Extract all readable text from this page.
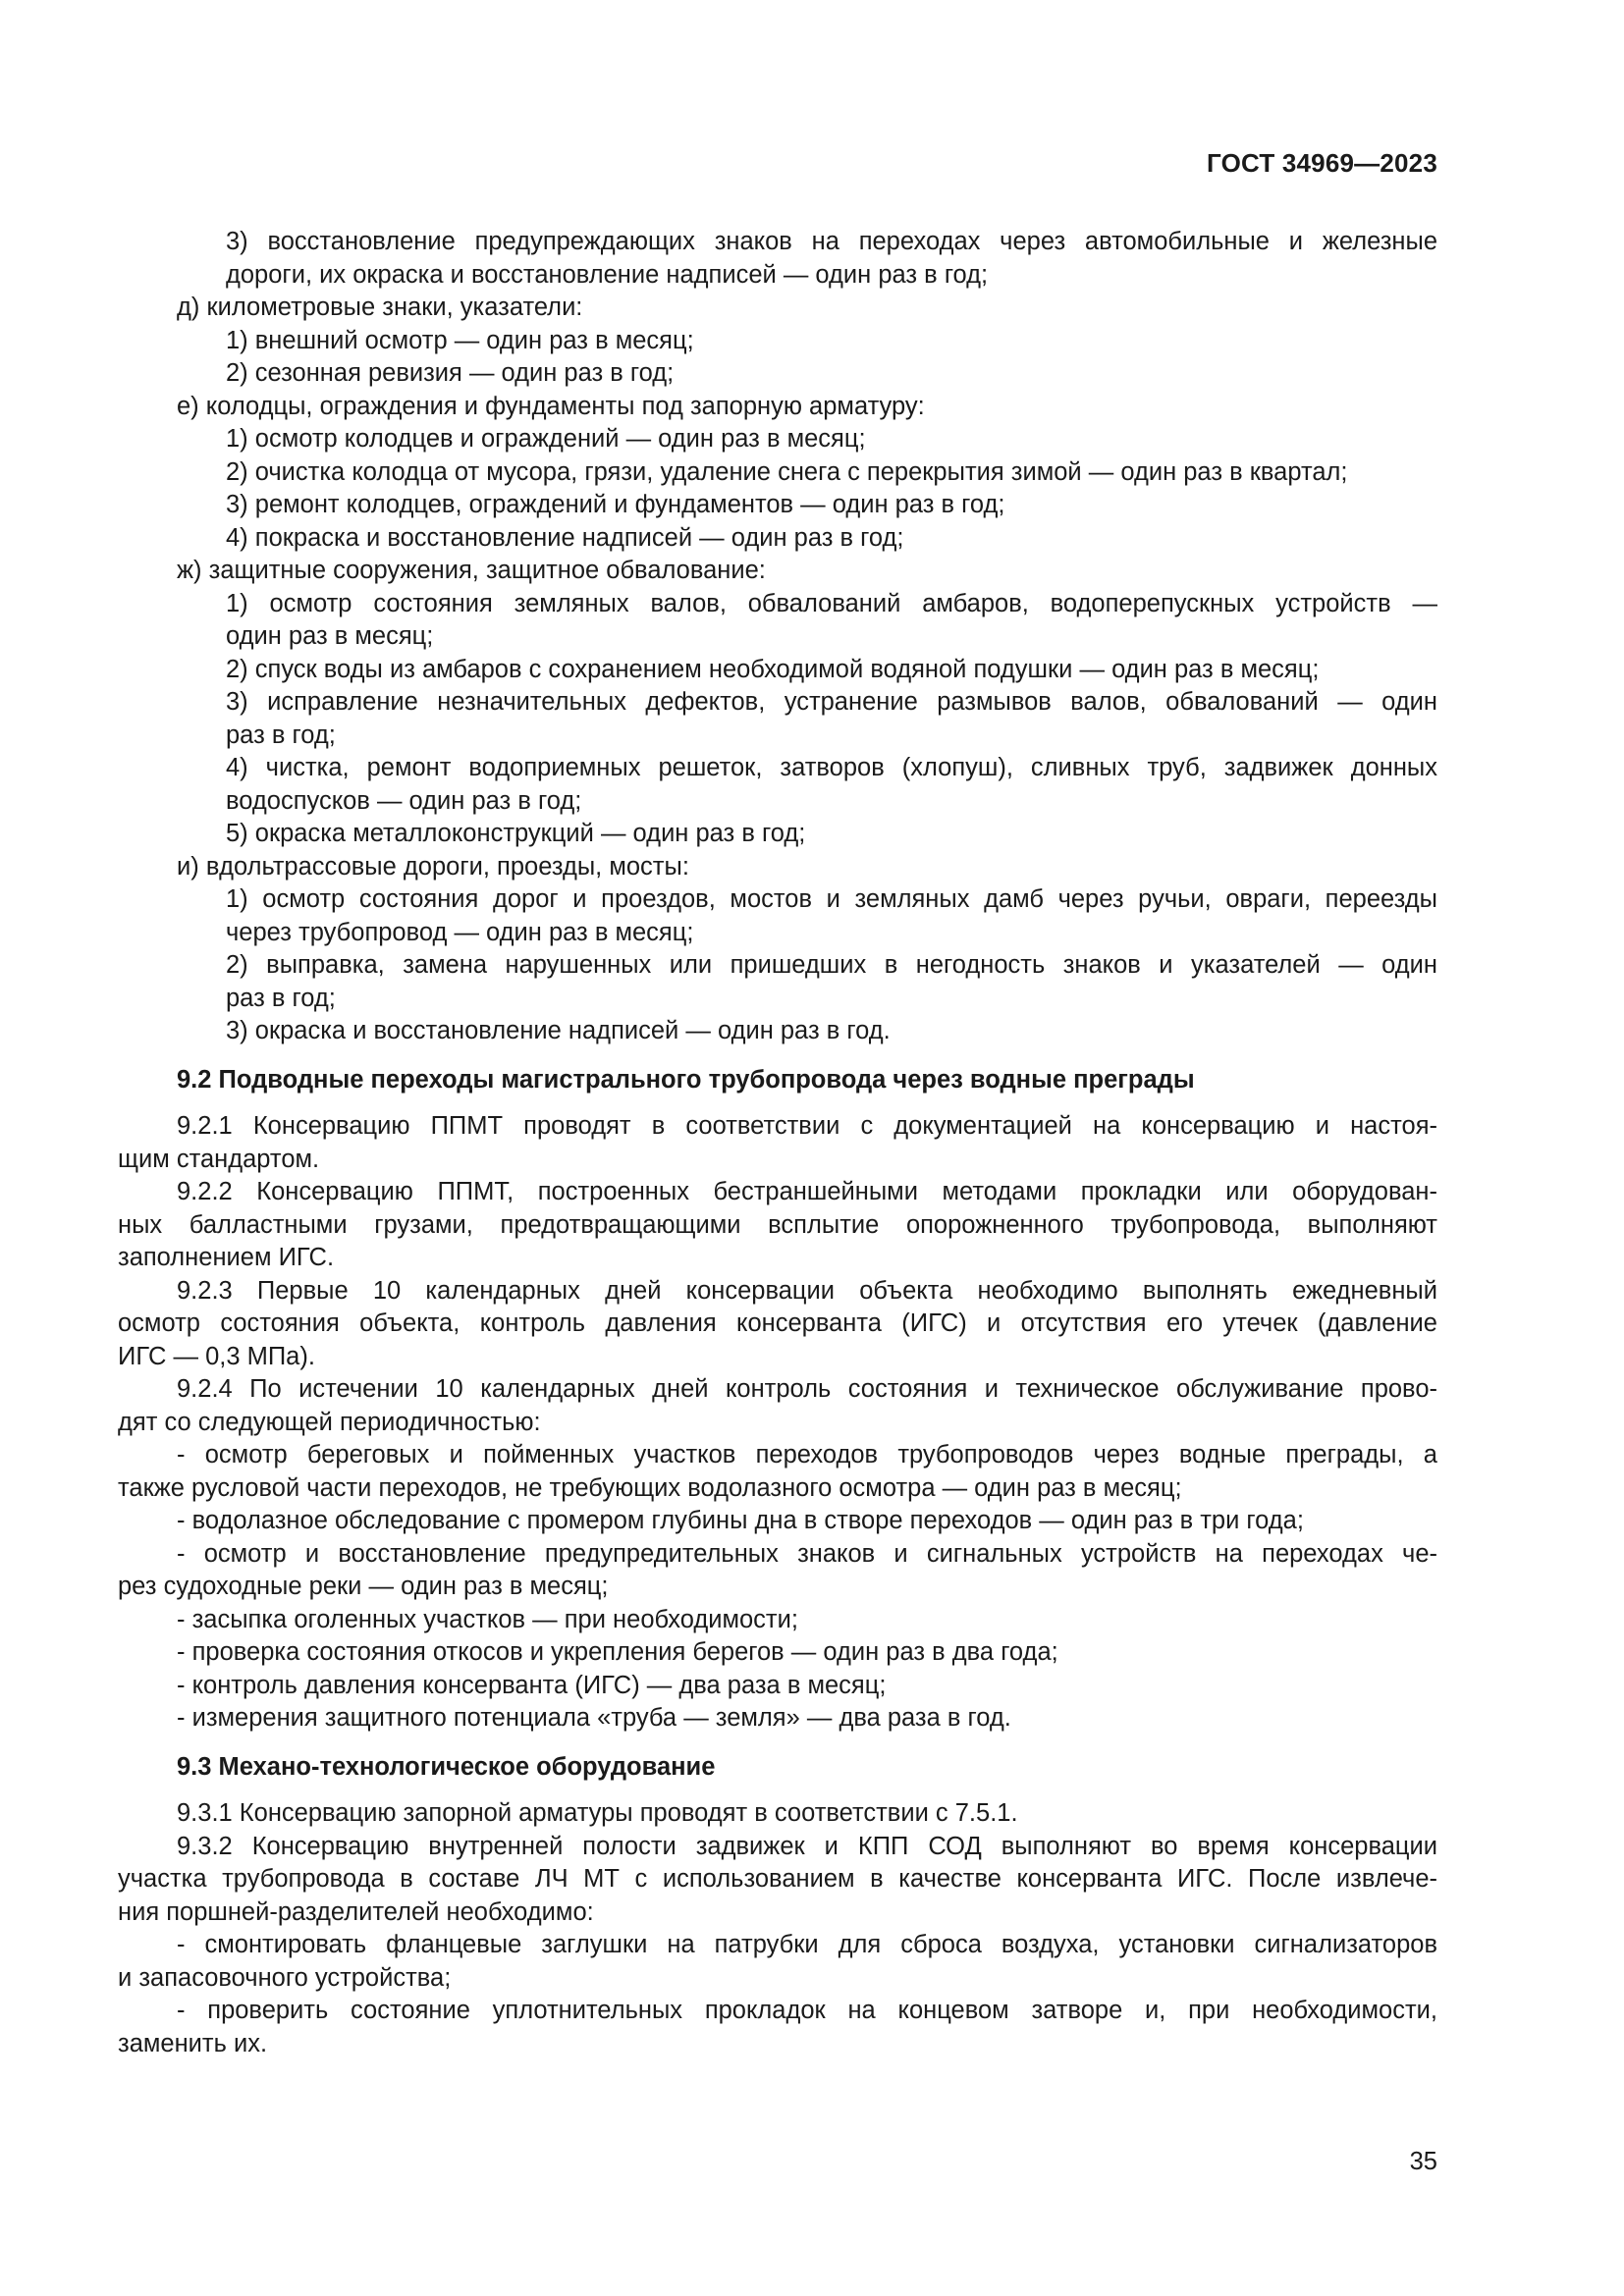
ГОСТ 34969—2023
3) восстановление предупреждающих знаков на переходах через автомобильные и железные
дороги, их окраска и восстановление надписей — один раз в год;
д) километровые знаки, указатели:
1) внешний осмотр — один раз в месяц;
2) сезонная ревизия — один раз в год;
е) колодцы, ограждения и фундаменты под запорную арматуру:
1) осмотр колодцев и ограждений — один раз в месяц;
2) очистка колодца от мусора, грязи, удаление снега с перекрытия зимой — один раз в квартал;
3) ремонт колодцев, ограждений и фундаментов — один раз в год;
4) покраска и восстановление надписей — один раз в год;
ж) защитные сооружения, защитное обвалование:
1) осмотр состояния земляных валов, обвалований амбаров, водоперепускных устройств —
один раз в месяц;
2) спуск воды из амбаров с сохранением необходимой водяной подушки — один раз в месяц;
3) исправление незначительных дефектов, устранение размывов валов, обвалований — один
раз в год;
4) чистка, ремонт водоприемных решеток, затворов (хлопуш), сливных труб, задвижек донных
водоспусков — один раз в год;
5) окраска металлоконструкций — один раз в год;
и) вдольтрассовые дороги, проезды, мосты:
1) осмотр состояния дорог и проездов, мостов и земляных дамб через ручьи, овраги, переезды
через трубопровод — один раз в месяц;
2) выправка, замена нарушенных или пришедших в негодность знаков и указателей — один
раз в год;
3) окраска и восстановление надписей — один раз в год.
9.2 Подводные переходы магистрального трубопровода через водные преграды
9.2.1 Консервацию ППМТ проводят в соответствии с документацией на консервацию и настоя-
щим стандартом.
9.2.2 Консервацию ППМТ, построенных бестраншейными методами прокладки или оборудован-
ных балластными грузами, предотвращающими всплытие опорожненного трубопровода, выполняют
заполнением ИГС.
9.2.3 Первые 10 календарных дней консервации объекта необходимо выполнять ежедневный
осмотр состояния объекта, контроль давления консерванта (ИГС) и отсутствия его утечек (давление
ИГС — 0,3 МПа).
9.2.4 По истечении 10 календарных дней контроль состояния и техническое обслуживание прово-
дят со следующей периодичностью:
- осмотр береговых и пойменных участков переходов трубопроводов через водные преграды, а
также русловой части переходов, не требующих водолазного осмотра — один раз в месяц;
- водолазное обследование с промером глубины дна в створе переходов — один раз в три года;
- осмотр и восстановление предупредительных знаков и сигнальных устройств на переходах че-
рез судоходные реки — один раз в месяц;
- засыпка оголенных участков — при необходимости;
- проверка состояния откосов и укрепления берегов — один раз в два года;
- контроль давления консерванта (ИГС) — два раза в месяц;
- измерения защитного потенциала «труба — земля» — два раза в год.
9.3 Механо-технологическое оборудование
9.3.1 Консервацию запорной арматуры проводят в соответствии с 7.5.1.
9.3.2 Консервацию внутренней полости задвижек и КПП СОД выполняют во время консервации
участка трубопровода в составе ЛЧ МТ с использованием в качестве консерванта ИГС. После извлече-
ния поршней-разделителей необходимо:
- смонтировать фланцевые заглушки на патрубки для сброса воздуха, установки сигнализаторов
и запасовочного устройства;
- проверить состояние уплотнительных прокладок на концевом затворе и, при необходимости,
заменить их.
35
